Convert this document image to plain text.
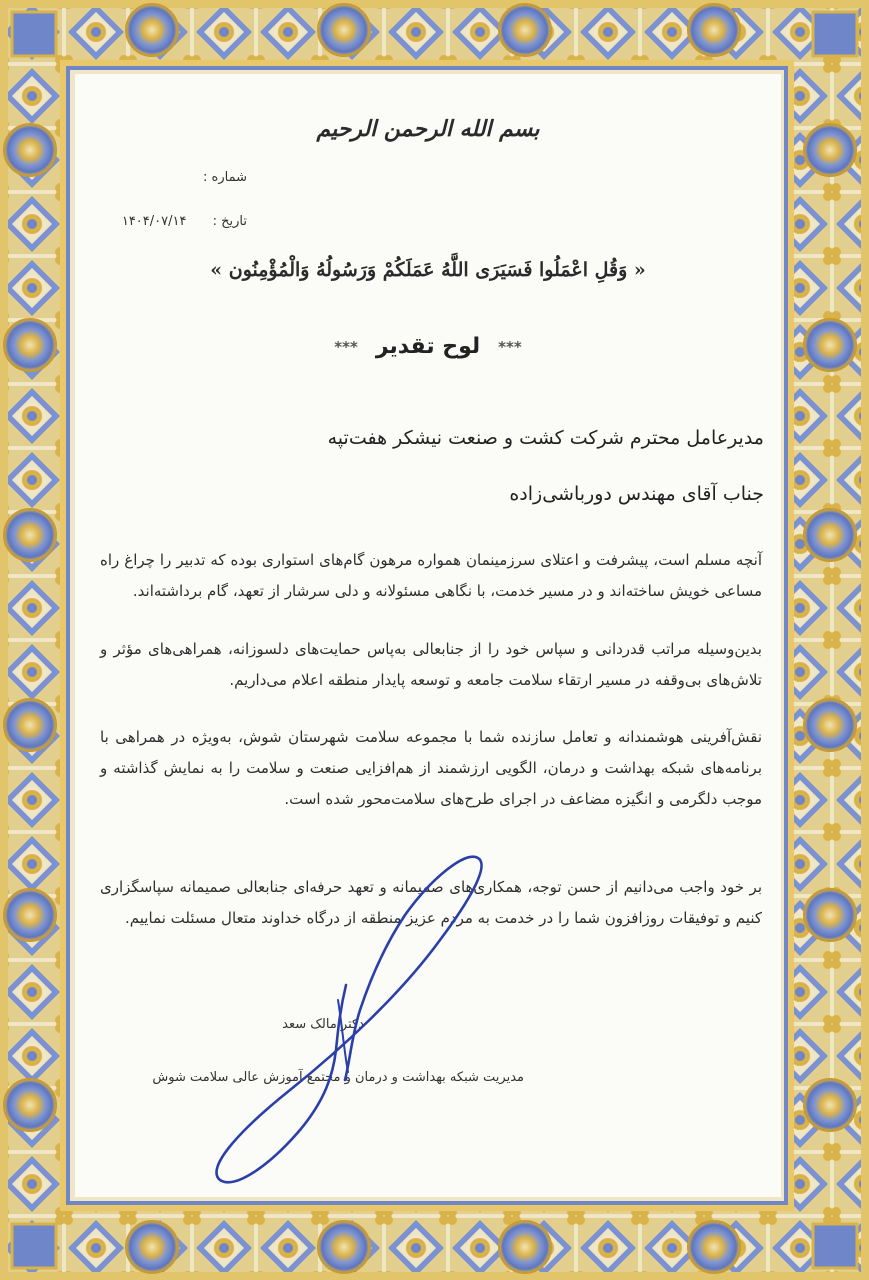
بسم الله الرحمن الرحیم
شماره :
تاریخ : ۱۴۰۴/۰۷/۱۴
« وَقُلِ اعْمَلُوا فَسَيَرَى اللَّهُ عَمَلَكُمْ وَرَسُولُهُ وَالْمُؤْمِنُون »
***لوح تقدیر***
مدیرعامل محترم شرکت کشت و صنعت نیشکر هفت‌تپه
جناب آقای مهندس دورباشی‌زاده
آنچه مسلم است، پیشرفت و اعتلای سرزمینمان همواره مرهون گام‌های استواری بوده که تدبیر را چراغ راه مساعی خویش ساخته‌اند و در مسیر خدمت، با نگاهی مسئولانه و دلی سرشار از تعهد، گام برداشته‌اند.
بدین‌وسیله مراتب قدردانی و سپاس خود را از جنابعالی به‌پاس حمایت‌های دلسوزانه، همراهی‌های مؤثر و تلاش‌های بی‌وقفه در مسیر ارتقاء سلامت جامعه و توسعه پایدار منطقه اعلام می‌داریم.
نقش‌آفرینی هوشمندانه و تعامل سازنده شما با مجموعه سلامت شهرستان شوش، به‌ویژه در همراهی با برنامه‌های شبکه بهداشت و درمان، الگویی ارزشمند از هم‌افزایی صنعت و سلامت را به نمایش گذاشته و موجب دلگرمی و انگیزه مضاعف در اجرای طرح‌های سلامت‌محور شده است.
بر خود واجب می‌دانیم از حسن توجه، همکاری‌های صمیمانه و تعهد حرفه‌ای جنابعالی صمیمانه سپاسگزاری کنیم و توفیقات روزافزون شما را در خدمت به مردم عزیز منطقه از درگاه خداوند متعال مسئلت نماییم.
دکتر مالک سعد
مدیریت شبکه بهداشت و درمان و مجتمع آموزش عالی سلامت شوش
